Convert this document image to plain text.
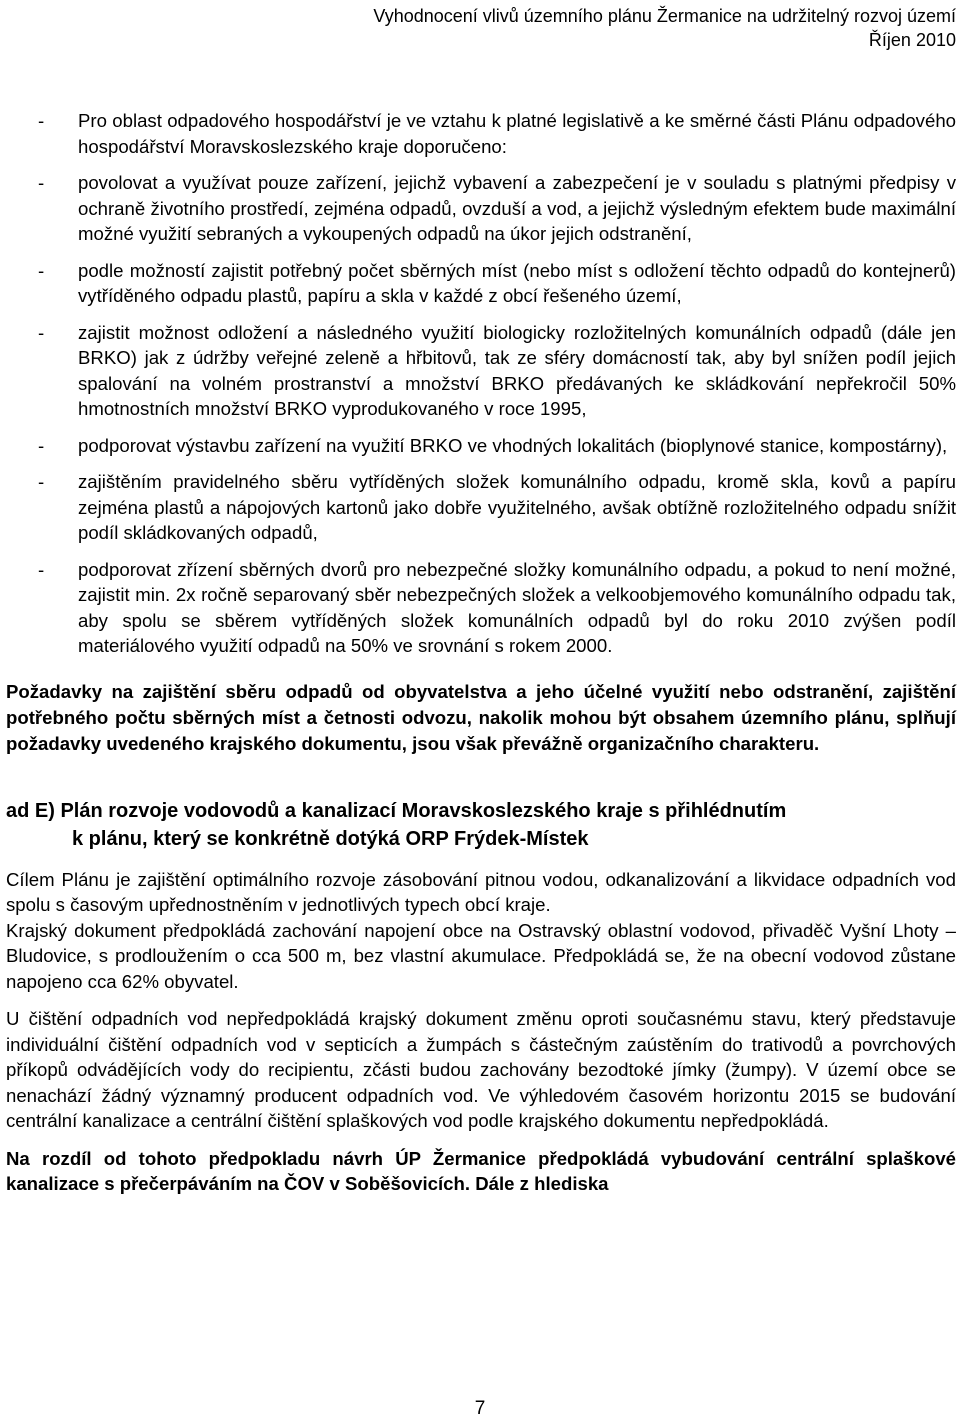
Vyhodnocení vlivů územního plánu Žermanice na udržitelný rozvoj území
Říjen 2010
- Pro oblast odpadového hospodářství je ve vztahu k platné legislativě a ke směrné části Plánu odpadového hospodářství Moravskoslezského kraje doporučeno:
- povolovat a využívat pouze zařízení, jejichž vybavení a zabezpečení je v souladu s platnými předpisy v ochraně životního prostředí, zejména odpadů, ovzduší a vod, a jejichž výsledným efektem bude maximální možné využití sebraných a vykoupených odpadů na úkor jejich odstranění,
- podle možností zajistit potřebný počet sběrných míst (nebo míst s odložení těchto odpadů do kontejnerů) vytříděného odpadu plastů, papíru a skla v každé z obcí řešeného území,
- zajistit možnost odložení a následného využití biologicky rozložitelných komunálních odpadů (dále jen BRKO) jak z údržby veřejné zeleně a hřbitovů, tak ze sféry domácností tak, aby byl snížen podíl jejich spalování na volném prostranství a množství BRKO předávaných ke skládkování nepřekročil 50% hmotnostních množství BRKO vyprodukovaného v roce 1995,
- podporovat výstavbu zařízení na využití BRKO ve vhodných lokalitách (bioplynové stanice, kompostárny),
- zajištěním pravidelného sběru vytříděných složek komunálního odpadu, kromě skla, kovů a papíru zejména plastů a nápojových kartonů jako dobře využitelného, avšak obtížně rozložitelného odpadu snížit podíl skládkovaných odpadů,
- podporovat zřízení sběrných dvorů pro nebezpečné složky komunálního odpadu, a pokud to není možné, zajistit min. 2x ročně separovaný sběr nebezpečných složek a velkoobjemového komunálního odpadu tak, aby spolu se sběrem vytříděných složek komunálních odpadů byl do roku 2010 zvýšen podíl materiálového využití odpadů na 50% ve srovnání s rokem 2000.

Požadavky na zajištění sběru odpadů od obyvatelstva a jeho účelné využití nebo odstranění, zajištění potřebného počtu sběrných míst a četnosti odvozu, nakolik mohou být obsahem územního plánu, splňují požadavky uvedeného krajského dokumentu, jsou však převážně organizačního charakteru.

ad E) Plán rozvoje vodovodů a kanalizací Moravskoslezského kraje s přihlédnutím
k plánu, který se konkrétně dotýká ORP Frýdek-Místek

Cílem Plánu je zajištění optimálního rozvoje zásobování pitnou vodou, odkanalizování a likvidace odpadních vod spolu s časovým upřednostněním v jednotlivých typech obcí kraje.

Krajský dokument předpokládá zachování napojení obce na Ostravský oblastní vodovod, přivaděč Vyšní Lhoty – Bludovice, s prodloužením o cca 500 m, bez vlastní akumulace. Předpokládá se, že na obecní vodovod zůstane napojeno cca 62% obyvatel.

U čištění odpadních vod nepředpokládá krajský dokument změnu oproti současnému stavu, který představuje individuální čištění odpadních vod v septicích a žumpách s částečným zaústěním do trativodů a povrchových příkopů odvádějících vody do recipientu, zčásti budou zachovány bezodtoké jímky (žumpy). V území obce se nenachází žádný významný producent odpadních vod. Ve výhledovém časovém horizontu 2015 se budování centrální kanalizace a centrální čištění splaškových vod podle krajského dokumentu nepředpokládá.

Na rozdíl od tohoto předpokladu návrh ÚP Žermanice předpokládá vybudování centrální splaškové kanalizace s přečerpáváním na ČOV v Soběšovicích. Dále z hlediska

7
